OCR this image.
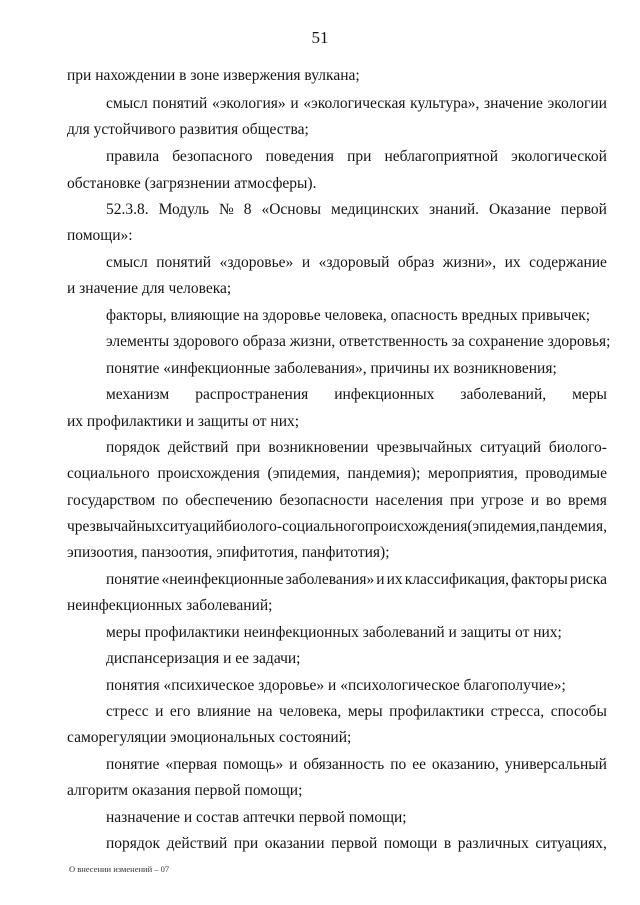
51
при нахождении в зоне извержения вулкана;
смысл понятий «экология» и «экологическая культура», значение экологии
для устойчивого развития общества;
правила безопасного поведения при неблагоприятной экологической
обстановке (загрязнении атмосферы).
52.3.8. Модуль № 8 «Основы медицинских знаний. Оказание первой
помощи»:
смысл понятий «здоровье» и «здоровый образ жизни», их содержание
и значение для человека;
факторы, влияющие на здоровье человека, опасность вредных привычек;
элементы здорового образа жизни, ответственность за сохранение здоровья;
понятие «инфекционные заболевания», причины их возникновения;
механизм распространения инфекционных заболеваний, меры
их профилактики и защиты от них;
порядок действий при возникновении чрезвычайных ситуаций биолого-
социального происхождения (эпидемия, пандемия); мероприятия, проводимые
государством по обеспечению безопасности населения при угрозе и во время
чрезвычайных ситуаций биолого-социального происхождения (эпидемия, пандемия,
эпизоотия, панзоотия, эпифитотия, панфитотия);
понятие «неинфекционные заболевания» и их классификация, факторы риска
неинфекционных заболеваний;
меры профилактики неинфекционных заболеваний и защиты от них;
диспансеризация и ее задачи;
понятия «психическое здоровье» и «психологическое благополучие»;
стресс и его влияние на человека, меры профилактики стресса, способы
саморегуляции эмоциональных состояний;
понятие «первая помощь» и обязанность по ее оказанию, универсальный
алгоритм оказания первой помощи;
назначение и состав аптечки первой помощи;
порядок действий при оказании первой помощи в различных ситуациях,
О внесении изменений – 07
